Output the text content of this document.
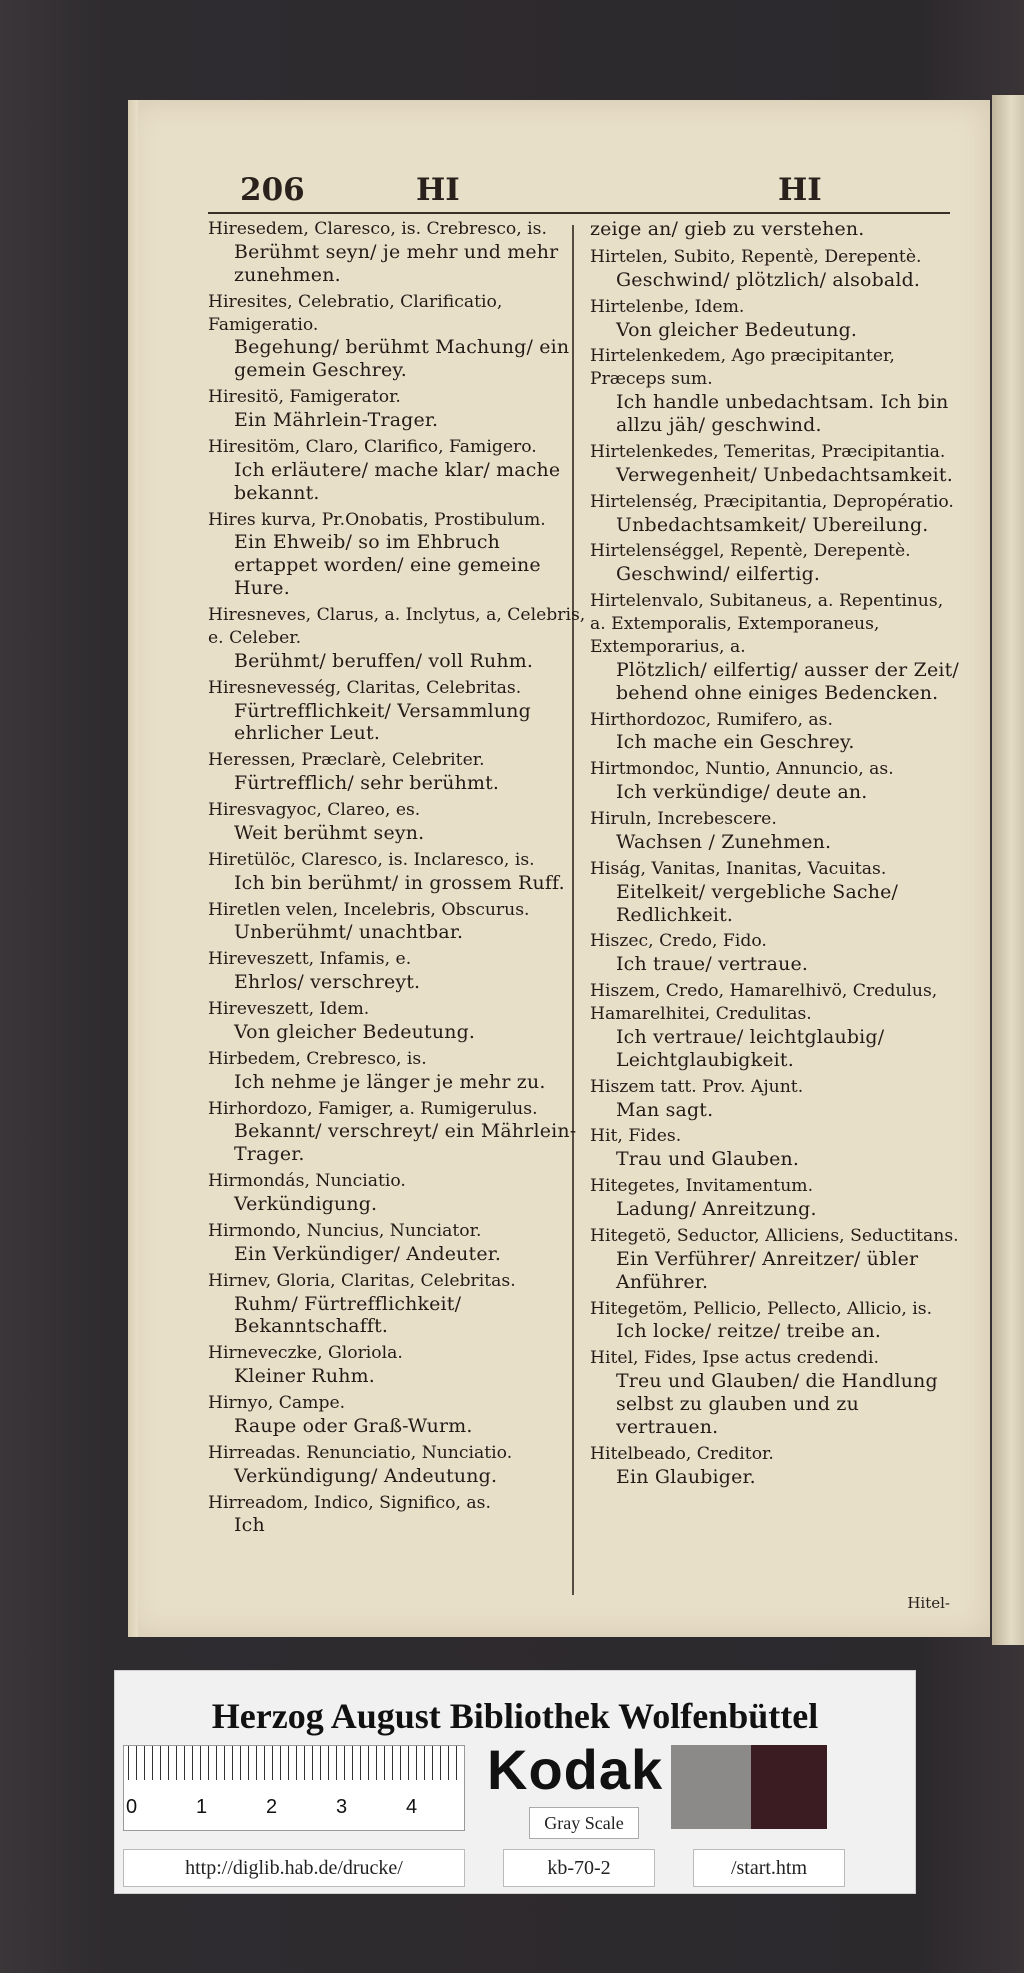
206	HI	HI
Hiresedem, Claresco, is. Crebresco, is.
Berühmt seyn/ je mehr und mehr zunehmen.
Hiresites, Celebratio, Clarificatio, Famigeratio.
Begehung/ berühmt Machung/ ein gemein Geschrey.
Hiresitö, Famigerator.
Ein Mährlein-Trager.
Hiresitöm, Claro, Clarifico, Famigero.
Ich erläutere/ mache klar/ mache bekannt.
Hires kurva, Pr.Onobatis, Prostibulum.
Ein Ehweib/ so im Ehbruch ertappet worden/ eine gemeine Hure.
Hiresneves, Clarus, a. Inclytus, a, Celebris, e. Celeber.
Berühmt/ beruffen/ voll Ruhm.
Hiresnevesség, Claritas, Celebritas.
Fürtrefflichkeit/ Versammlung ehrlicher Leut.
Heressen, Præclarè, Celebriter.
Fürtrefflich/ sehr berühmt.
Hiresvagyoc, Clareo, es.
Weit berühmt seyn.
Hiretülöc, Claresco, is. Inclaresco, is.
Ich bin berühmt/ in grossem Ruff.
Hiretlen velen, Incelebris, Obscurus.
Unberühmt/ unachtbar.
Hireveszett, Infamis, e.
Ehrlos/ verschreyt.
Hireveszett, Idem.
Von gleicher Bedeutung.
Hirbedem, Crebresco, is.
Ich nehme je länger je mehr zu.
Hirhordozo, Famiger, a. Rumigerulus.
Bekannt/ verschreyt/ ein Mährlein-Trager.
Hirmondás, Nunciatio.
Verkündigung.
Hirmondo, Nuncius, Nunciator.
Ein Verkündiger/ Andeuter.
Hirnev, Gloria, Claritas, Celebritas.
Ruhm/ Fürtrefflichkeit/ Bekanntschafft.
Hirneveczke, Gloriola.
Kleiner Ruhm.
Hirnyo, Campe.
Raupe oder Graß-Wurm.
Hirreadas. Renunciatio, Nunciatio.
Verkündigung/ Andeutung.
Hirreadom, Indico, Significo, as.
Ich
zeige an/ gieb zu verstehen.
Hirtelen, Subito, Repentè, Derepentè.
Geschwind/ plötzlich/ alsobald.
Hirtelenbe, Idem.
Von gleicher Bedeutung.
Hirtelenkedem, Ago præcipitanter, Præceps sum.
Ich handle unbedachtsam. Ich bin allzu jäh/ geschwind.
Hirtelenkedes, Temeritas, Præcipitantia.
Verwegenheit/ Unbedachtsamkeit.
Hirtelenség, Præcipitantia, Depropératio.
Unbedachtsamkeit/ Ubereilung.
Hirtelenséggel, Repentè, Derepentè.
Geschwind/ eilfertig.
Hirtelenvalo, Subitaneus, a. Repentinus, a. Extemporalis, Extemporaneus, Extemporarius, a.
Plötzlich/ eilfertig/ ausser der Zeit/ behend ohne einiges Bedencken.
Hirthordozoc, Rumifero, as.
Ich mache ein Geschrey.
Hirtmondoc, Nuntio, Annuncio, as.
Ich verkündige/ deute an.
Hiruln, Increbescere.
Wachsen / Zunehmen.
Hiság, Vanitas, Inanitas, Vacuitas.
Eitelkeit/ vergebliche Sache/ Redlichkeit.
Hiszec, Credo, Fido.
Ich traue/ vertraue.
Hiszem, Credo, Hamarelhivö, Credulus, Hamarelhitei, Credulitas.
Ich vertraue/ leichtglaubig/ Leichtglaubigkeit.
Hiszem tatt. Prov. Ajunt.
Man sagt.
Hit, Fides.
Trau und Glauben.
Hitegetes, Invitamentum.
Ladung/ Anreitzung.
Hitegetö, Seductor, Alliciens, Seductitans.
Ein Verführer/ Anreitzer/ übler Anführer.
Hitegetöm, Pellicio, Pellecto, Allicio, is.
Ich locke/ reitze/ treibe an.
Hitel, Fides, Ipse actus credendi.
Treu und Glauben/ die Handlung selbst zu glauben und zu vertrauen.
Hitelbeado, Creditor.
Ein Glaubiger.
Hitel-
Herzog August Bibliothek Wolfenbüttel
0	1	2	3	4
Kodak
Gray Scale
http://diglib.hab.de/drucke/	kb-70-2	/start.htm
